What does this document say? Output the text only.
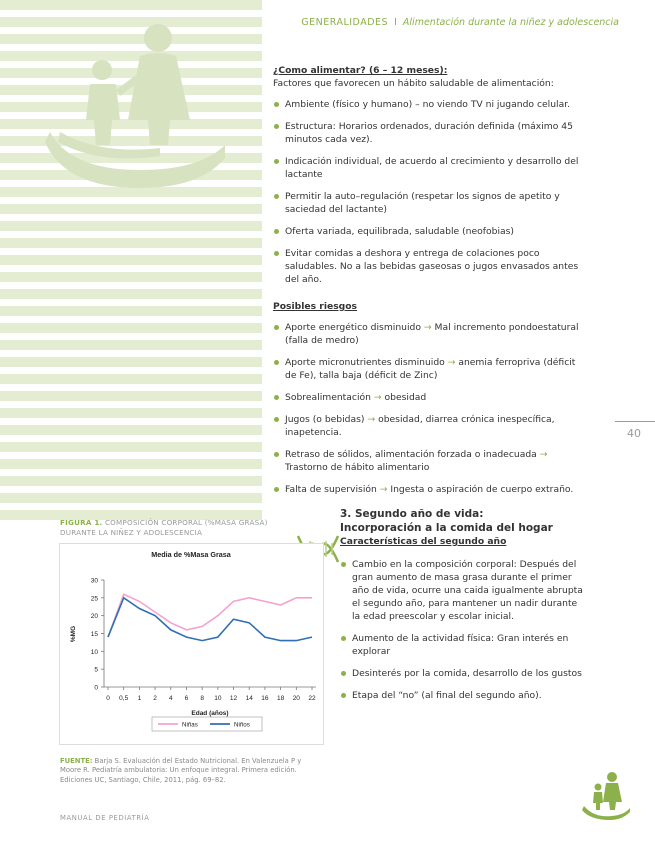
GENERALIDADES I Alimentación durante la niñez y adolescencia
40
¿Como alimentar? (6 – 12 meses):
Factores que favorecen un hábito saludable de alimentación:
Ambiente (físico y humano) – no viendo TV ni jugando celular.
Estructura: Horarios ordenados, duración definida (máximo 45 minutos cada vez).
Indicación individual, de acuerdo al crecimiento y desarrollo del lactante
Permitir la auto–regulación (respetar los signos de apetito y saciedad del lactante)
Oferta variada, equilibrada, saludable (neofobias)
Evitar comidas a deshora y entrega de colaciones poco saludables. No a las bebidas gaseosas o jugos envasados antes del año.
Posibles riesgos
Aporte energético disminuido → Mal incremento pondoestatural (falla de medro)
Aporte micronutrientes disminuido → anemia ferropriva (déficit de Fe), talla baja (déficit de Zinc)
Sobrealimentación → obesidad
Jugos (o bebidas) → obesidad, diarrea crónica inespecífica, inapetencia.
Retraso de sólidos, alimentación forzada o inadecuada → Trastorno de hábito alimentario
Falta de supervisión → Ingesta o aspiración de cuerpo extraño.
3. Segundo año de vida:
Incorporación a la comida del hogar
Características del segundo año
Cambio en la composición corporal: Después del gran aumento de masa grasa durante el primer año de vida, ocurre una caida igualmente abrupta el segundo año, para mantener un nadir durante la edad preescolar y escolar inicial.
Aumento de la actividad física: Gran interés en explorar
Desinterés por la comida, desarrollo de los gustos
Etapa del “no” (al final del segundo año).
FIGURA 1. COMPOSICIÓN CORPORAL (%MASA GRASA) DURANTE LA NIÑEZ Y ADOLESCENCIA
Media de %Masa Grasa
0
5
10
15
20
25
30
0 0,5 1 2 4 6 8 10 12 14 16 18 20 22
Edad (años)
%MG
Niñas	Niños
FUENTE: Barja S. Evaluación del Estado Nutricional. En Valenzuela P y Moore R. Pediatría ambulatoria: Un enfoque integral. Primera edición. Ediciones UC, Santiago, Chile, 2011, pág. 69–82.
MANUAL DE PEDIATRÍA
